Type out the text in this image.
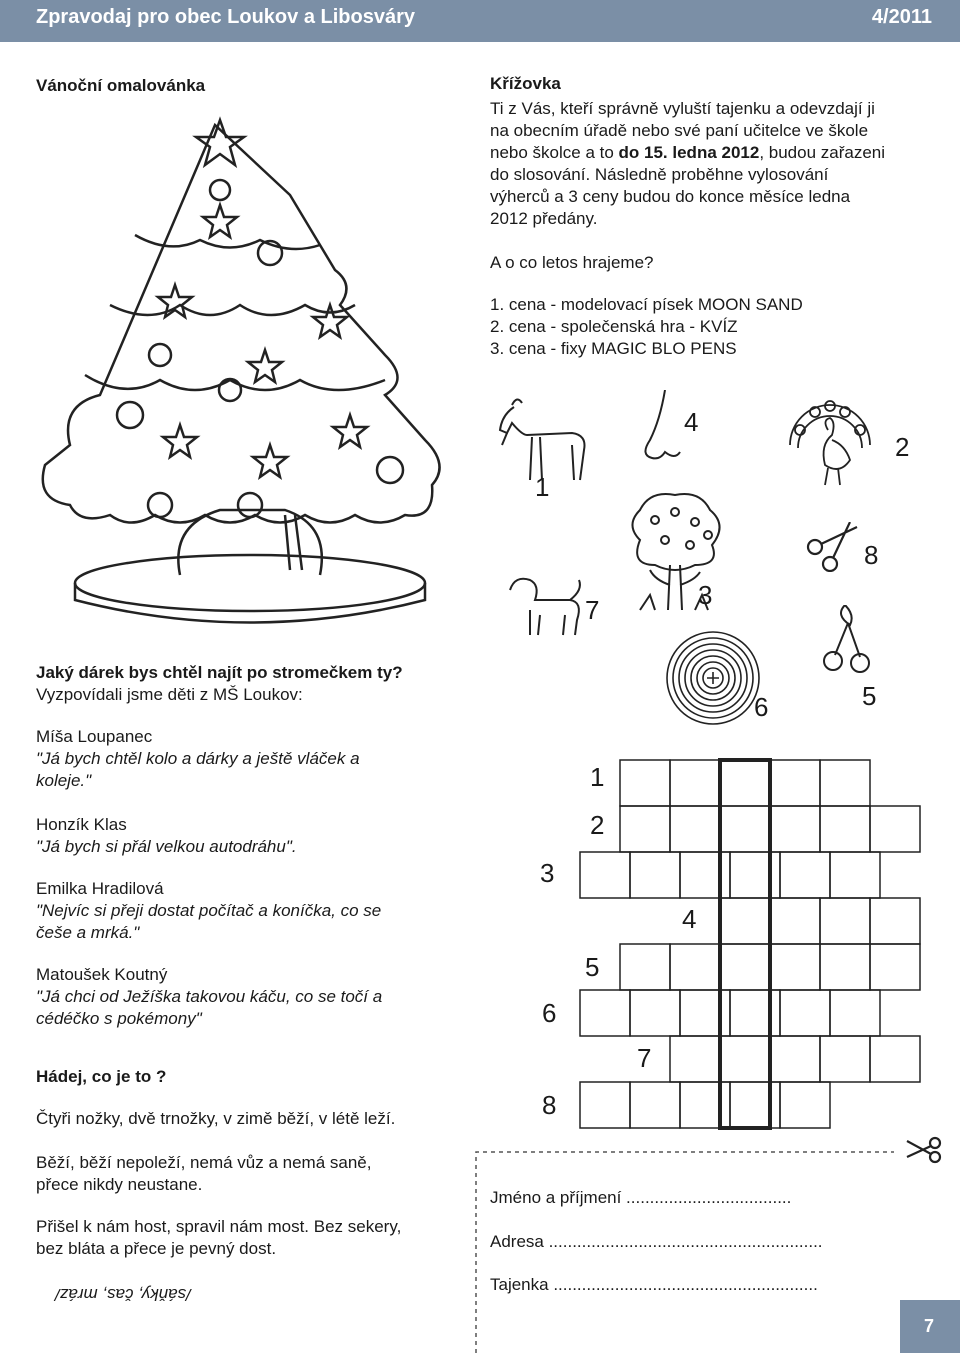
Zpravodaj pro obec Loukov a Libosváry	4/2011
Vánoční omalovánka	Křížovka
Ti z Vás, kteří správně vyluští tajenku a odevzdají ji
na obecním úřadě nebo své paní učitelce ve škole
nebo školce a to do 15. ledna 2012, budou zařazeni
do slosování. Následně proběhne vylosování
výherců a 3 ceny budou do konce měsíce ledna
2012 předány.
A o co letos hrajeme?
1. cena - modelovací písek MOON SAND
2. cena - společenská hra - KVÍZ
3. cena - fixy MAGIC BLO PENS
1
4
2
3
8
7
5
6
1
2
3
4
5
6
7
8
Jaký dárek bys chtěl najít po stromečkem ty?
Vyzpovídali jsme děti z MŠ Loukov:
Míša Loupanec
"Já bych chtěl kolo a dárky a ještě vláček a
koleje."
Honzík Klas
"Já bych si přál velkou autodráhu".
Emilka Hradilová
"Nejvíc si přeji dostat počítač a koníčka, co se
češe a mrká."
Matoušek Koutný
"Já chci od Ježíška takovou káču, co se točí a
cédéčko s pokémony"
Hádej, co je to ?
Čtyři nožky, dvě trnožky, v zimě běží, v létě leží.
Běží, běží nepoleží, nemá vůz a nemá saně,
přece nikdy neustane.
Přišel k nám host, spravil nám most. Bez sekery,
bez bláta a přece je pevný dost.
/sáňky, čas, mráz/
Jméno a příjmení ...................................
Adresa ..........................................................
Tajenka ........................................................
7
